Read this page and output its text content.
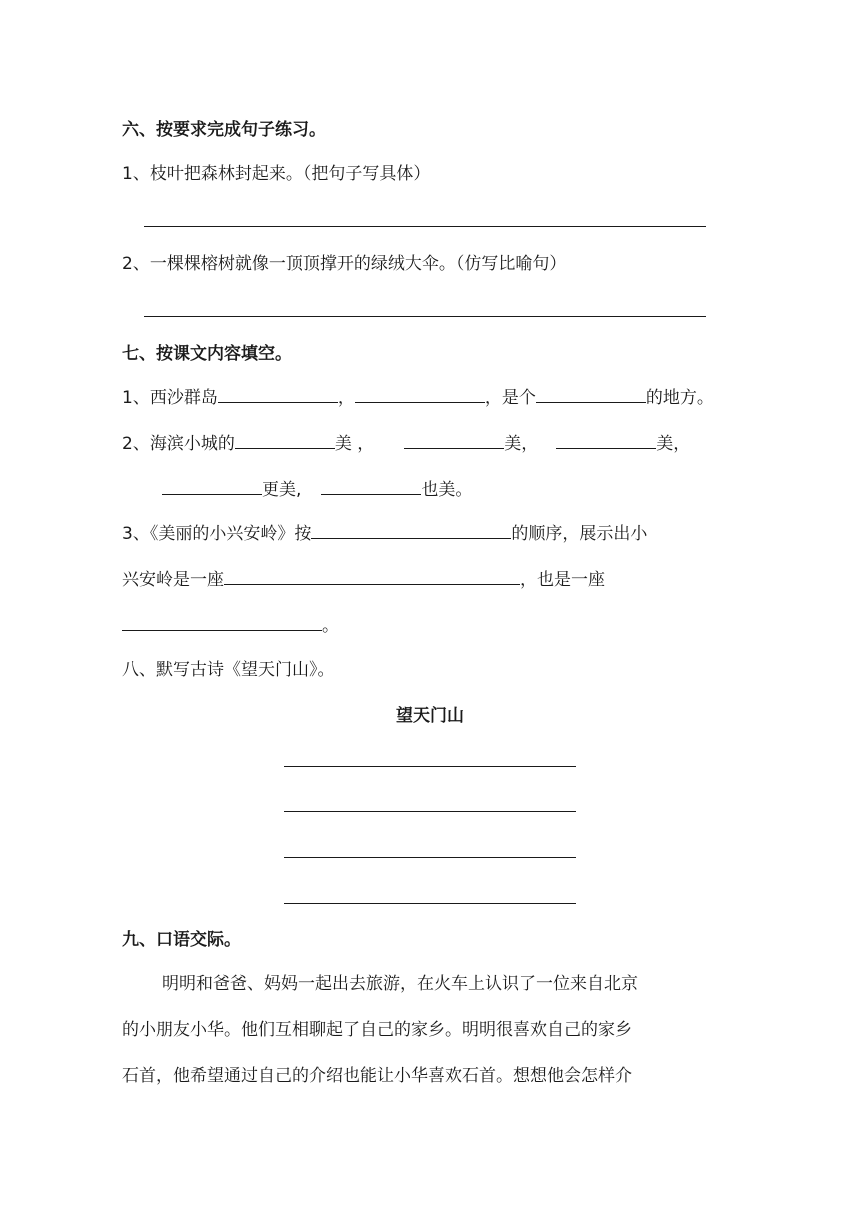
六、按要求完成句子练习。
1、枝叶把森林封起来。（把句子写具体）
2、一棵棵榕树就像一顶顶撑开的绿绒大伞。（仿写比喻句）
七、按课文内容填空。
1、西沙群岛	，	，是个	的地方。
2、海滨小城的	美 ，	美，	美，
更美,	也美。
3、《美丽的小兴安岭》按	的顺序，展示出小
兴安岭是一座	，也是一座
。
八、默写古诗《望天门山》。
望天门山
九、口语交际。
明明和爸爸、妈妈一起出去旅游，在火车上认识了一位来自北京
的小朋友小华。他们互相聊起了自己的家乡。明明很喜欢自己的家乡
石首，他希望通过自己的介绍也能让小华喜欢石首。想想他会怎样介
